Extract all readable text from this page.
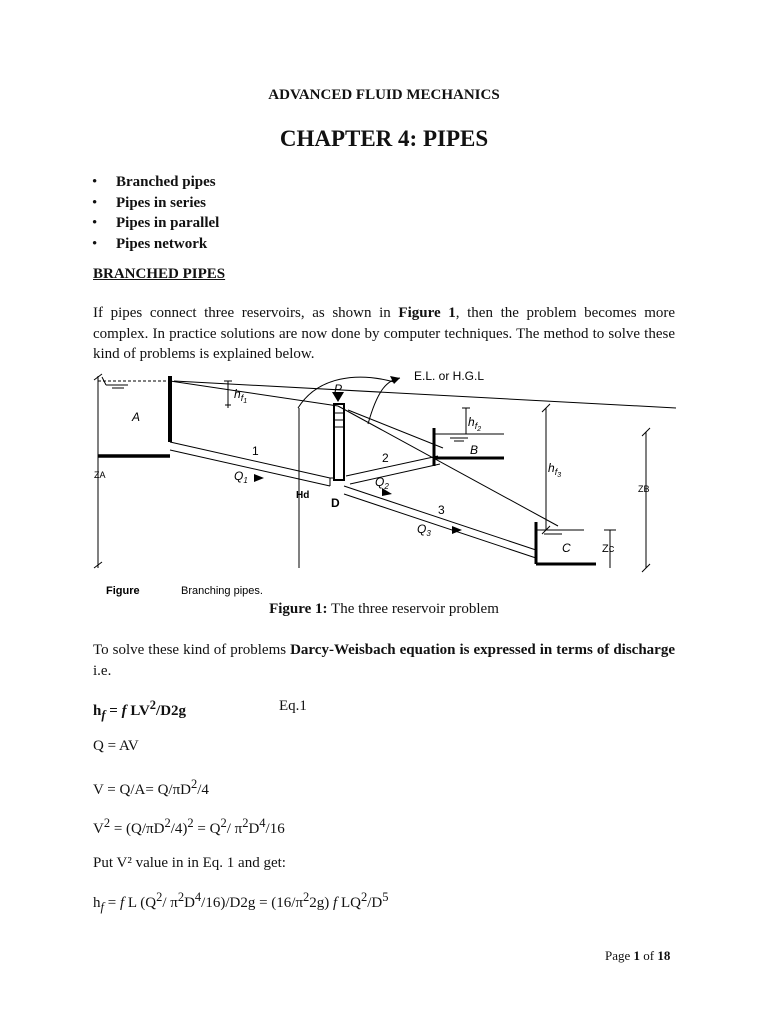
ADVANCED FLUID MECHANICS
CHAPTER 4: PIPES
• Branched pipes
• Pipes in series
• Pipes in parallel
• Pipes network
BRANCHED PIPES
If pipes connect three reservoirs, as shown in Figure 1, then the problem becomes more complex. In practice solutions are now done by computer techniques. The method to solve these kind of problems is explained below.
E.L. or H.G.L
P
A
B
C
D
ZA
ZB
Zc
Hd
$h_f1$
$h_f2$
$h_f3$
1	2
3
$Q_1$	$Q_2$
$Q_3$
Figure	Branching pipes.
Figure 1: The three reservoir problem
To solve these kind of problems Darcy-Weisbach equation is expressed in terms of discharge i.e.
$h_f = f$ $LV^2/D2g$	Eq.1
Q = AV
$V = Q/A= Q/\pi D^2/4$
$V^2 = (Q/\pi D^2/4)^2 = Q^2/$ $\pi^2D^4/16$
Put V² value in in Eq. 1 and get:
$h_f = f$ L ($Q^2/$ $\pi^2D^4/16)/D2g = (16/\pi^22g)$ f $LQ^2/D^5$
Page 1 of 18
